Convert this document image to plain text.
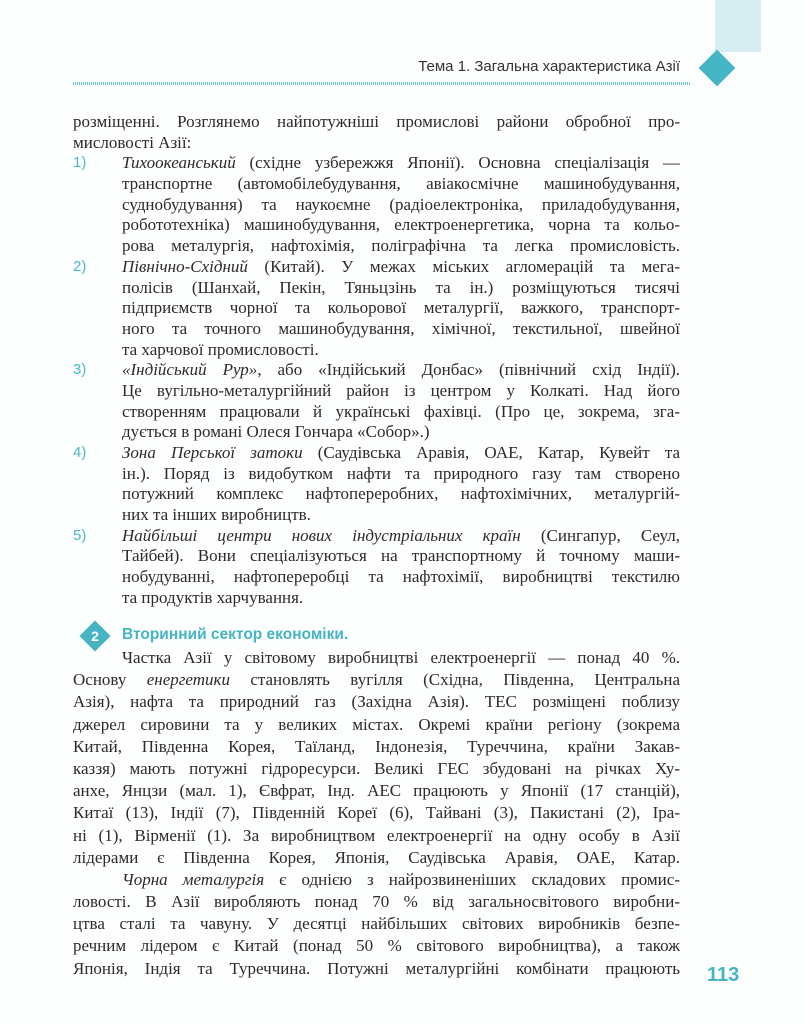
Тема 1. Загальна характеристика Азії
розміщенні. Розглянемо найпотужніші промислові райони обробної про-
мисловості Азії:
1)	Тихоокеанський (східне узбережжя Японії). Основна спеціалізація —
транспортне (автомобілебудування, авіакосмічне машинобудування,
суднобудування) та наукоємне (радіоелектроніка, приладобудування,
робототехніка) машинобудування, електроенергетика, чорна та кольо-
рова металургія, нафтохімія, поліграфічна та легка промисловість.
2)	Північно-Східний (Китай). У межах міських агломерацій та мега-
полісів (Шанхай, Пекін, Тяньцзінь та ін.) розміщуються тисячі
підприємств чорної та кольорової металургії, важкого, транспорт-
ного та точного машинобудування, хімічної, текстильної, швейної
та харчової промисловості.
3)	«Індійський Рур», або «Індійський Донбас» (північний схід Індії).
Це вугільно-металургійний район із центром у Колкаті. Над його
створенням працювали й українські фахівці. (Про це, зокрема, зга-
дується в романі Олеся Гончара «Собор».)
4)	Зона Перської затоки (Саудівська Аравія, ОАЕ, Катар, Кувейт та
ін.). Поряд із видобутком нафти та природного газу там створено
потужний комплекс нафтопереробних, нафтохімічних, металургій-
них та інших виробництв.
5)	Найбільші центри нових індустріальних країн (Сингапур, Сеул,
Тайбей). Вони спеціалізуються на транспортному й точному маши-
нобудуванні, нафтопереробці та нафтохімії, виробництві текстилю
та продуктів харчування.
2	Вторинний сектор економіки.
Частка Азії у світовому виробництві електроенергії — понад 40 %.
Основу енергетики становлять вугілля (Східна, Південна, Центральна
Азія), нафта та природний газ (Західна Азія). ТЕС розміщені поблизу
джерел сировини та у великих містах. Окремі країни регіону (зокрема
Китай, Південна Корея, Таїланд, Індонезія, Туреччина, країни Закав-
каззя) мають потужні гідроресурси. Великі ГЕС збудовані на річках Ху-
анхе, Янцзи (мал. 1), Євфрат, Інд. АЕС працюють у Японії (17 станцій),
Китаї (13), Індії (7), Південній Кореї (6), Тайвані (3), Пакистані (2), Іра-
ні (1), Вірменії (1). За виробництвом електроенергії на одну особу в Азії
лідерами є Південна Корея, Японія, Саудівська Аравія, ОАЕ, Катар.
Чорна металургія є однією з найрозвиненіших складових промис-
ловості. В Азії виробляють понад 70 % від загальносвітового виробни-
цтва сталі та чавуну. У десятці найбільших світових виробників безпе-
речним лідером є Китай (понад 50 % світового виробництва), а також
Японія, Індія та Туреччина. Потужні металургійні комбінати працюють 113
